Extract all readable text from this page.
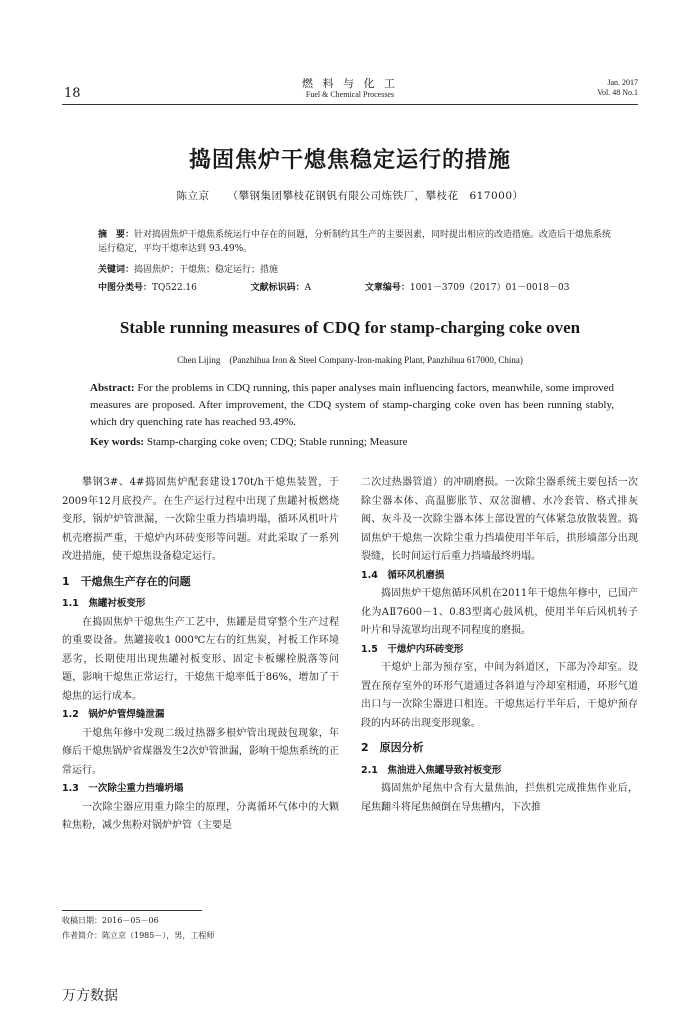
18
燃 料 与 化 工
Fuel & Chemical Processes
Jan. 2017
Vol. 48 No.1
捣固焦炉干熄焦稳定运行的措施
陈立京 （攀钢集团攀枝花钢钒有限公司炼铁厂，攀枝花　617000）
摘　要：针对捣固焦炉干熄焦系统运行中存在的问题，分析制约其生产的主要因素，同时提出相应的改造措施。改造后干熄焦系统运行稳定，平均干熄率达到 93.49%。
关键词：捣固焦炉；干熄焦；稳定运行；措施
中图分类号：TQ522.16	文献标识码：A	文章编号：1001－3709（2017）01－0018－03
Stable running measures of CDQ for stamp-charging coke oven
Chen Lijing　(Panzhihua Iron & Steel Company-Iron-making Plant, Panzhihua 617000, China)
Abstract: For the problems in CDQ running, this paper analyses main influencing factors, meanwhile, some improved measures are proposed. After improvement, the CDQ system of stamp-charging coke oven has been running stably, which dry quenching rate has reached 93.49%.
Key words: Stamp-charging coke oven; CDQ; Stable running; Measure

攀钢3#、4#捣固焦炉配套建设170t/h干熄焦装置，于2009年12月底投产。在生产运行过程中出现了焦罐衬板燃烧变形，锅炉炉管泄漏，一次除尘重力挡墙坍塌，循环风机叶片机壳磨损严重，干熄炉内环砖变形等问题。对此采取了一系列改进措施，使干熄焦设备稳定运行。

1　干熄焦生产存在的问题
1.1　焦罐衬板变形

在捣固焦炉干熄焦生产工艺中，焦罐是贯穿整个生产过程的重要设备。焦罐接收1 000℃左右的红焦炭，衬板工作环境恶劣，长期使用出现焦罐衬板变形、固定卡板螺栓脱落等问题，影响干熄焦正常运行，干熄焦干熄率低于86%，增加了干熄焦的运行成本。

1.2　锅炉炉管焊缝泄漏

干熄焦年修中发现二级过热器多根炉管出现鼓包现象，年修后干熄焦锅炉省煤器发生2次炉管泄漏，影响干熄焦系统的正常运行。

1.3　一次除尘重力挡墙坍塌

一次除尘器应用重力除尘的原理，分离循环气体中的大颗粒焦粉，减少焦粉对锅炉炉管（主要是

二次过热器管道）的冲刷磨损。一次除尘器系统主要包括一次除尘器本体、高温膨胀节、双岔溜槽、水冷套管、格式排灰阀、灰斗及一次除尘器本体上部设置的气体紧急放散装置。捣固焦炉干熄焦一次除尘重力挡墙使用半年后，拱形墙部分出现裂缝，长时间运行后重力挡墙最终坍塌。

1.4　循环风机磨损

捣固焦炉干熄焦循环风机在2011年干熄焦年修中，已国产化为AⅡ7600－1、0.83型离心鼓风机，使用半年后风机转子叶片和导流罩均出现不同程度的磨损。

1.5　干熄炉内环砖变形

干熄炉上部为预存室，中间为斜道区，下部为冷却室。设置在预存室外的环形气道通过各斜道与冷却室相通，环形气道出口与一次除尘器进口相连。干熄焦运行半年后，干熄炉预存段的内环砖出现变形现象。

2　原因分析
2.1　焦油进入焦罐导致衬板变形

捣固焦炉尾焦中含有大量焦油，拦焦机完成推焦作业后，尾焦翻斗将尾焦倾倒在导焦槽内，下次推

收稿日期：2016－05－06
作者简介：陈立京（1985－），男，工程师
万方数据
